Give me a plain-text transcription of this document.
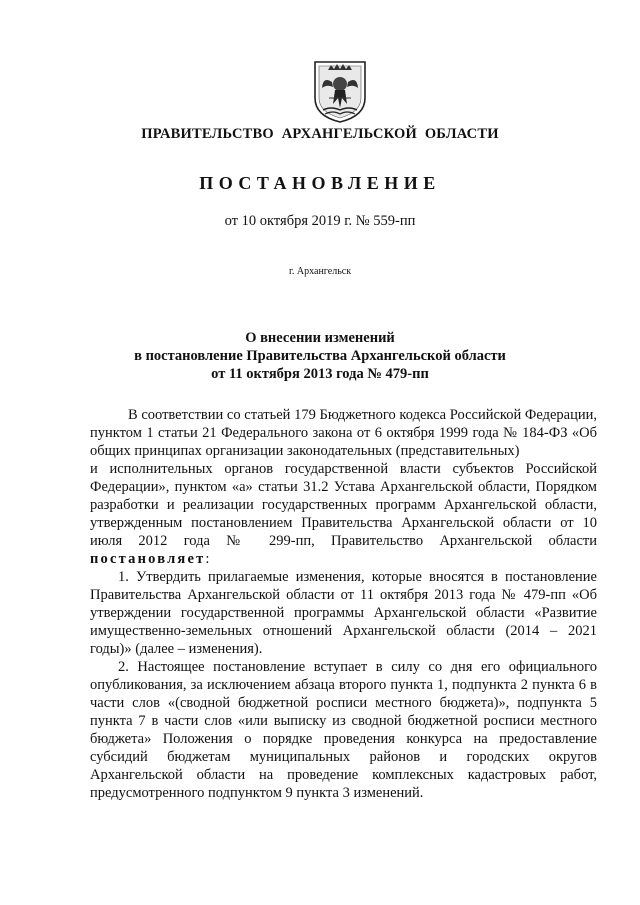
ПРАВИТЕЛЬСТВО АРХАНГЕЛЬСКОЙ ОБЛАСТИ
ПОСТАНОВЛЕНИЕ
от 10 октября 2019 г. № 559-пп
г. Архангельск
О внесении изменений
в постановление Правительства Архангельской области
от 11 октября 2013 года № 479-пп

В соответствии со статьей 179 Бюджетного кодекса Российской Федерации, пунктом 1 статьи 21 Федерального закона от 6 октября 1999 года № 184-ФЗ «Об общих принципах организации законодательных (представительных)

и исполнительных органов государственной власти субъектов Российской Федерации», пунктом «а» статьи 31.2 Устава Архангельской области, Порядком разработки и реализации государственных программ Архангельской области, утвержденным постановлением Правительства Архангельской области от 10 июля 2012 года № 299-пп, Правительство Архангельской области постановляет:

1. Утвердить прилагаемые изменения, которые вносятся в постановление Правительства Архангельской области от 11 октября 2013 года № 479-пп «Об утверждении государственной программы Архангельской области «Развитие имущественно-земельных отношений Архангельской области (2014 – 2021 годы)» (далее – изменения).

2. Настоящее постановление вступает в силу со дня его официального опубликования, за исключением абзаца второго пункта 1, подпункта 2 пункта 6 в части слов «(сводной бюджетной росписи местного бюджета)», подпункта 5 пункта 7 в части слов «или выписку из сводной бюджетной росписи местного бюджета» Положения о порядке проведения конкурса на предоставление субсидий бюджетам муниципальных районов и городских округов Архангельской области на проведение комплексных кадастровых работ, предусмотренного подпунктом 9 пункта 3 изменений.
